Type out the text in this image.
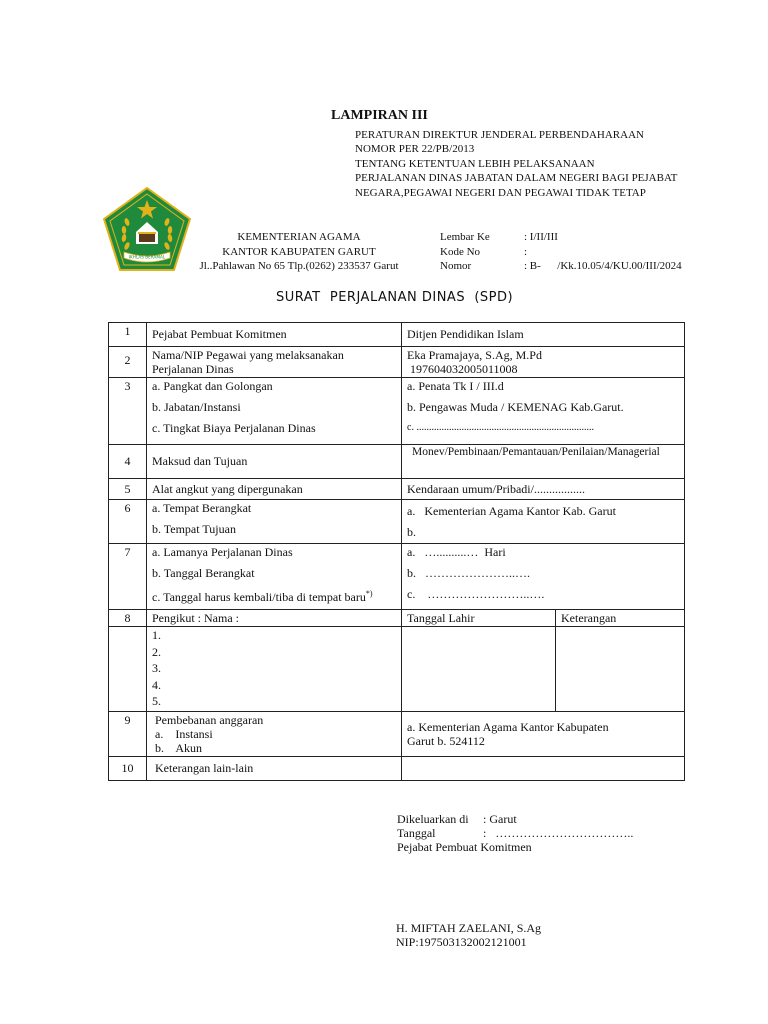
LAMPIRAN III
PERATURAN DIREKTUR JENDERAL PERBENDAHARAAN
NOMOR PER 22/PB/2013
TENTANG KETENTUAN LEBIH PELAKSANAAN
PERJALANAN DINAS JABATAN DALAM NEGERI BAGI PEJABAT
NEGARA,PEGAWAI NEGERI DAN PEGAWAI TIDAK TETAP
IKHLAS BERAMAL
KEMENTERIAN AGAMA
KANTOR KABUPATEN GARUT
Jl..Pahlawan No 65 Tlp.(0262) 233537 Garut
Lembar Ke	: I/II/III
Kode No	:
Nomor	: B-      /Kk.10.05/4/KU.00/III/2024
SURAT  PERJALANAN DINAS  (SPD)
1	Pejabat Pembuat Komitmen	Ditjen Pendidikan Islam	
2	Nama/NIP Pegawai yang melaksanakan
Perjalanan Dinas	Eka Pramajaya, S.Ag, M.Pd
197604032005011008	

3	a. Pangkat dan Golongan
b. Jabatan/Instansi
c. Tingkat Biaya Perjalanan Dinas	a. Penata Tk I / III.d
b. Pengawas Muda / KEMENAG Kab.Garut.
c. .......................................................................	

4	Maksud dan Tujuan	Monev/Pembinaan/Pemantauan/Penilaian/Managerial	
5	Alat angkut yang dipergunakan	Kendaraan umum/Pribadi/.................	
6	a. Tempat Berangkat
b. Tempat Tujuan	a.   Kementerian Agama Kantor Kab. Garut
b.	

7	a. Lamanya Perjalanan Dinas
b. Tanggal Berangkat
c. Tanggal harus kembali/tiba di tempat baru*)	a.   …..........…  Hari
b.   …………………..….
c.    ……………………..….	

8	Pengikut : Nama :	Tanggal Lahir	Keterangan

	1.
2.
3.
4.
5.		

9	Pembebanan anggaran
a.    Instansi
b.    Akun	a. Kementerian Agama Kantor Kabupaten
Garut b. 524112	

10	Keterangan lain-lain		
Dikeluarkan di : Garut
Tanggal	:   ……………………………..
Pejabat Pembuat Komitmen
H. MIFTAH ZAELANI, S.Ag
NIP:197503132002121001
